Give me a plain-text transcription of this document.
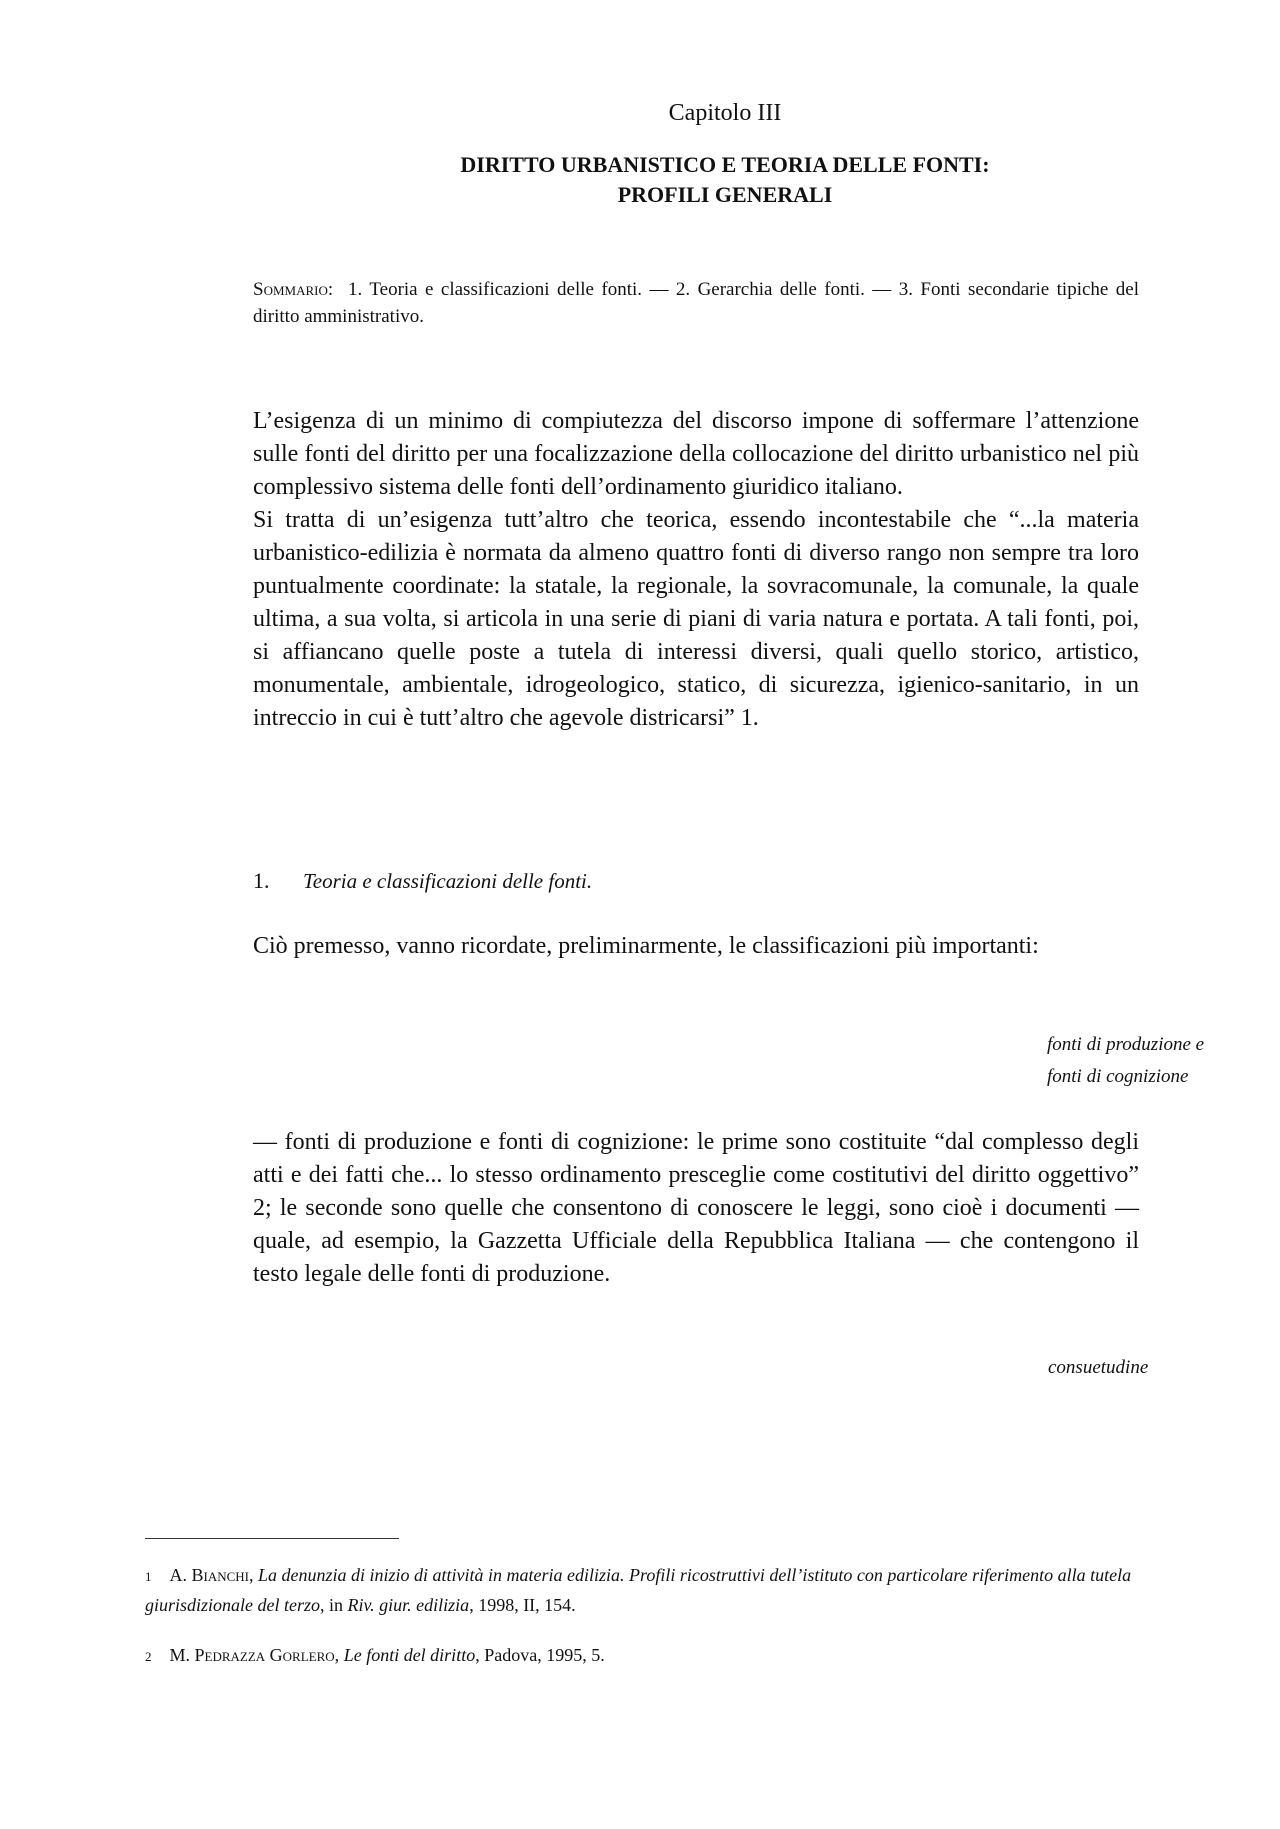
Capitolo III
DIRITTO URBANISTICO E TEORIA DELLE FONTI:
PROFILI GENERALI

Sommario: 1. Teoria e classificazioni delle fonti. — 2. Gerarchia delle fonti. — 3. Fonti secondarie tipiche del diritto amministrativo.

L’esigenza di un minimo di compiutezza del discorso impone di soffermare l’attenzione sulle fonti del diritto per una focalizzazione della collocazione del diritto urbanistico nel più complessivo sistema delle fonti dell’ordinamento giuridico italiano.

Si tratta di un’esigenza tutt’altro che teorica, essendo incontestabile che “...la materia urbanistico-edilizia è normata da almeno quattro fonti di diverso rango non sempre tra loro puntualmente coordinate: la statale, la regionale, la sovracomunale, la comunale, la quale ultima, a sua volta, si articola in una serie di piani di varia natura e portata. A tali fonti, poi, si affiancano quelle poste a tutela di interessi diversi, quali quello storico, artistico, monumentale, ambientale, idrogeologico, statico, di sicurezza, igienico-sanitario, in un intreccio in cui è tutt’altro che agevole districarsi” 1.

1. Teoria e classificazioni delle fonti.

Ciò premesso, vanno ricordate, preliminarmente, le classificazioni più importanti:

fonti di produzione e
fonti di cognizione

— fonti di produzione e fonti di cognizione: le prime sono costituite “dal complesso degli atti e dei fatti che... lo stesso ordinamento presceglie come costitutivi del diritto oggettivo” 2; le seconde sono quelle che consentono di conoscere le leggi, sono cioè i documenti — quale, ad esempio, la Gazzetta Ufficiale della Repubblica Italiana — che contengono il testo legale delle fonti di produzione.

consuetudine

1 A. Bianchi, La denunzia di inizio di attività in materia edilizia. Profili ricostruttivi dell’istituto con particolare riferimento alla tutela giurisdizionale del terzo, in Riv. giur. edilizia, 1998, II, 154.

2 M. Pedrazza Gorlero, Le fonti del diritto, Padova, 1995, 5.
